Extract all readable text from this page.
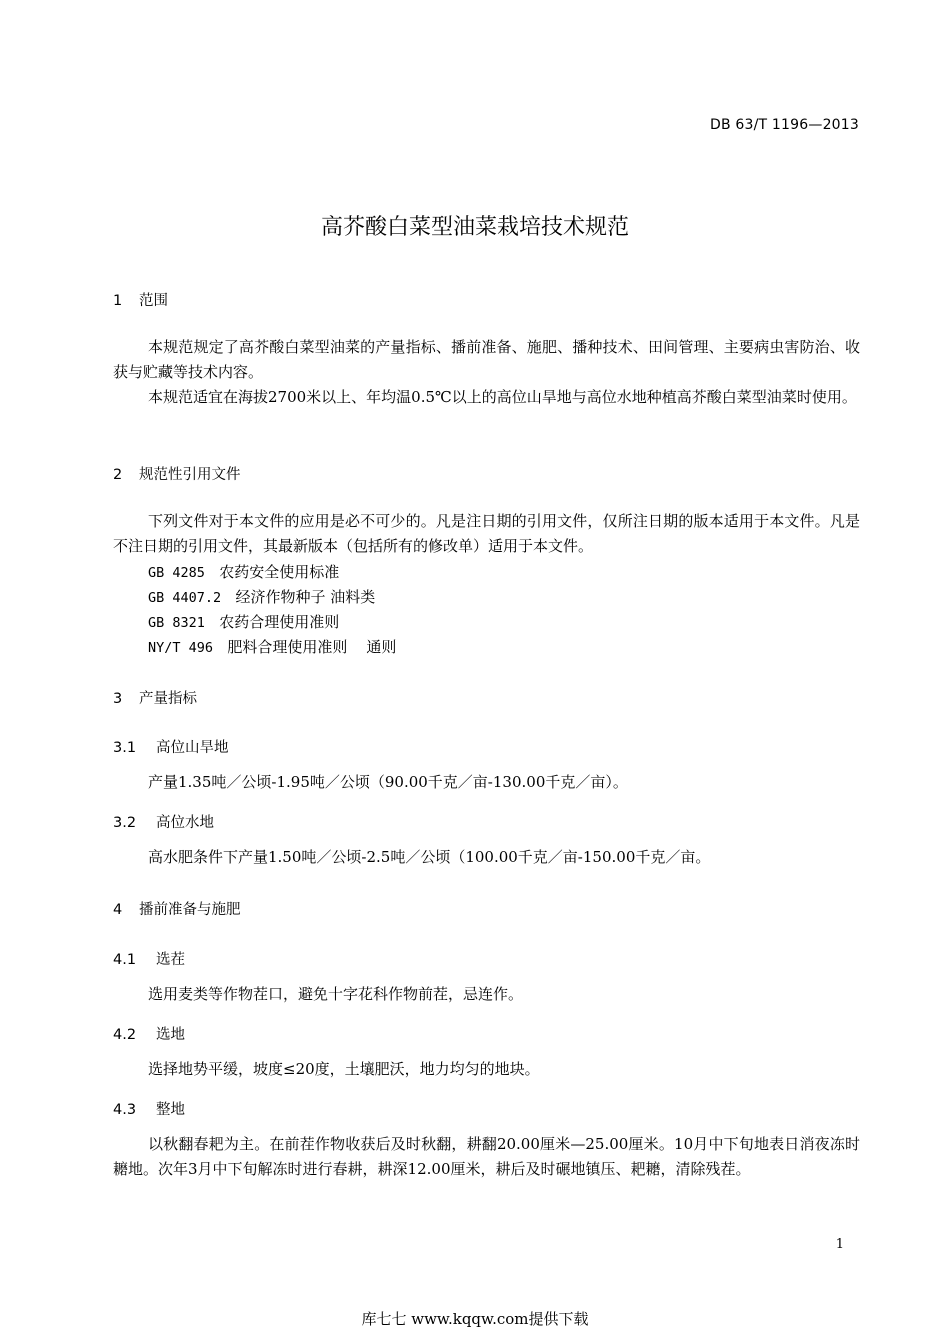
DB 63/T 1196—2013
高芥酸白菜型油菜栽培技术规范
1 范围

本规范规定了高芥酸白菜型油菜的产量指标、播前准备、施肥、播种技术、田间管理、主要病虫害防治、收获与贮藏等技术内容。

本规范适宜在海拔2700米以上、年均温0.5℃以上的高位山旱地与高位水地种植高芥酸白菜型油菜时使用。

2 规范性引用文件

下列文件对于本文件的应用是必不可少的。凡是注日期的引用文件，仅所注日期的版本适用于本文件。凡是不注日期的引用文件，其最新版本（包括所有的修改单）适用于本文件。

GB 4285 农药安全使用标准
GB 4407.2 经济作物种子 油料类
GB 8321 农药合理使用准则
NY/T 496 肥料合理使用准则    通则
3 产量指标
3.1 高位山旱地

产量1.35吨／公顷-1.95吨／公顷（90.00千克／亩-130.00千克／亩）。

3.2 高位水地

高水肥条件下产量1.50吨／公顷-2.5吨／公顷（100.00千克／亩-150.00千克／亩。

4 播前准备与施肥
4.1 选茬

选用麦类等作物茬口，避免十字花科作物前茬，忌连作。

4.2 选地

选择地势平缓，坡度≤20度，土壤肥沃，地力均匀的地块。

4.3 整地

以秋翻春耙为主。在前茬作物收获后及时秋翻，耕翻20.00厘米—25.00厘米。10月中下旬地表日消夜冻时耱地。次年3月中下旬解冻时进行春耕，耕深12.00厘米，耕后及时碾地镇压、耙耱，清除残茬。

1
库七七 www.kqqw.com提供下载
